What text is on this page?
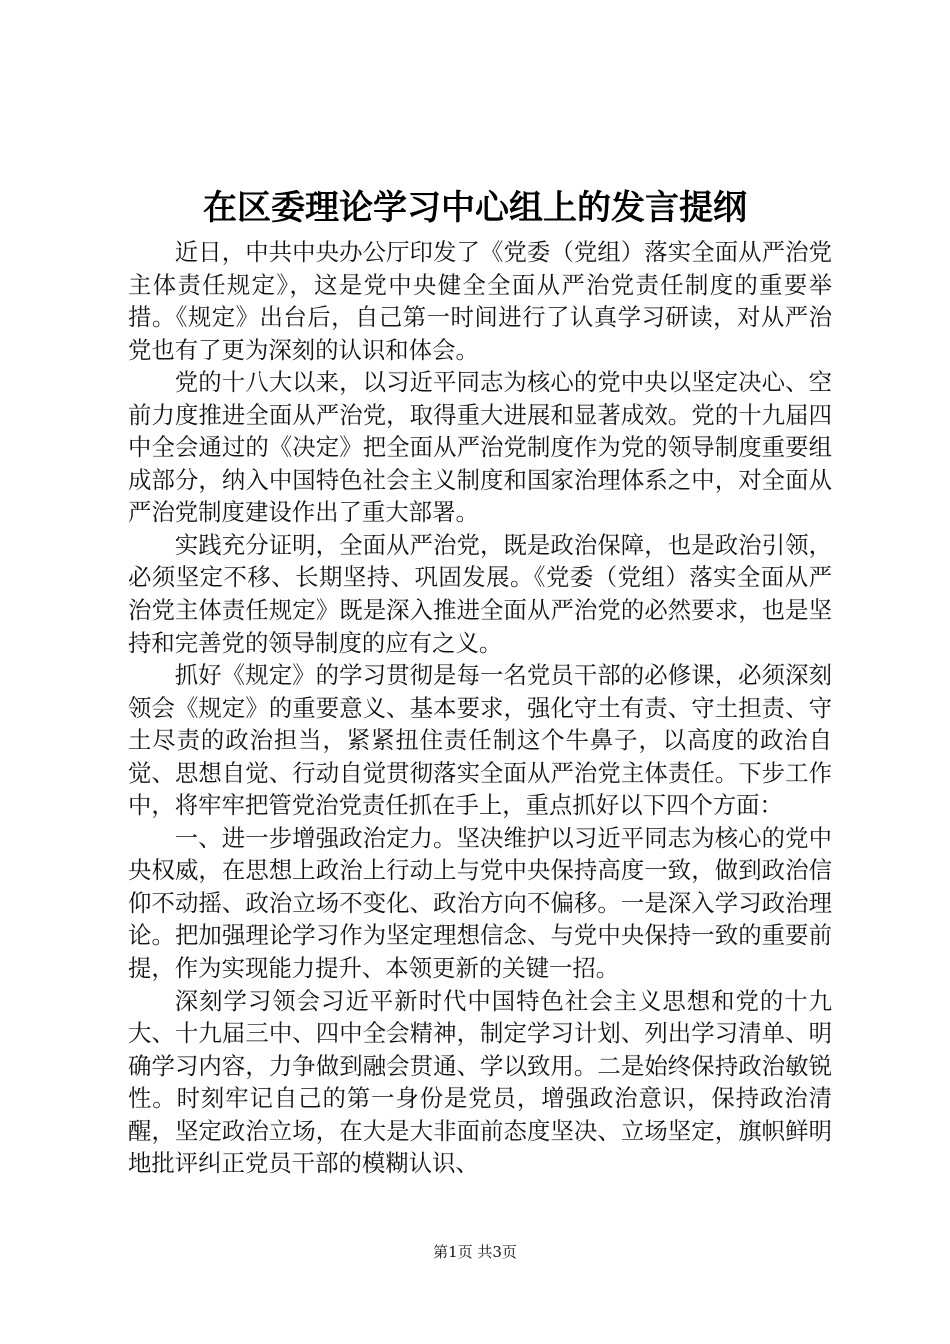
在区委理论学习中心组上的发言提纲

近日，中共中央办公厅印发了《党委（党组）落实全面从严治党主体责任规定》，这是党中央健全全面从严治党责任制度的重要举措。《规定》出台后，自己第一时间进行了认真学习研读，对从严治党也有了更为深刻的认识和体会。

党的十八大以来，以习近平同志为核心的党中央以坚定决心、空前力度推进全面从严治党，取得重大进展和显著成效。党的十九届四中全会通过的《决定》把全面从严治党制度作为党的领导制度重要组成部分，纳入中国特色社会主义制度和国家治理体系之中，对全面从严治党制度建设作出了重大部署。

实践充分证明，全面从严治党，既是政治保障，也是政治引领，必须坚定不移、长期坚持、巩固发展。《党委（党组）落实全面从严治党主体责任规定》既是深入推进全面从严治党的必然要求，也是坚持和完善党的领导制度的应有之义。

抓好《规定》的学习贯彻是每一名党员干部的必修课，必须深刻领会《规定》的重要意义、基本要求，强化守土有责、守土担责、守土尽责的政治担当，紧紧扭住责任制这个牛鼻子，以高度的政治自觉、思想自觉、行动自觉贯彻落实全面从严治党主体责任。下步工作中，将牢牢把管党治党责任抓在手上，重点抓好以下四个方面：

一、进一步增强政治定力。坚决维护以习近平同志为核心的党中央权威，在思想上政治上行动上与党中央保持高度一致，做到政治信仰不动摇、政治立场不变化、政治方向不偏移。一是深入学习政治理论。把加强理论学习作为坚定理想信念、与党中央保持一致的重要前提，作为实现能力提升、本领更新的关键一招。

深刻学习领会习近平新时代中国特色社会主义思想和党的十九大、十九届三中、四中全会精神，制定学习计划、列出学习清单、明确学习内容，力争做到融会贯通、学以致用。二是始终保持政治敏锐性。时刻牢记自己的第一身份是党员，增强政治意识，保持政治清醒，坚定政治立场，在大是大非面前态度坚决、立场坚定，旗帜鲜明地批评纠正党员干部的模糊认识、

第1页 共3页
